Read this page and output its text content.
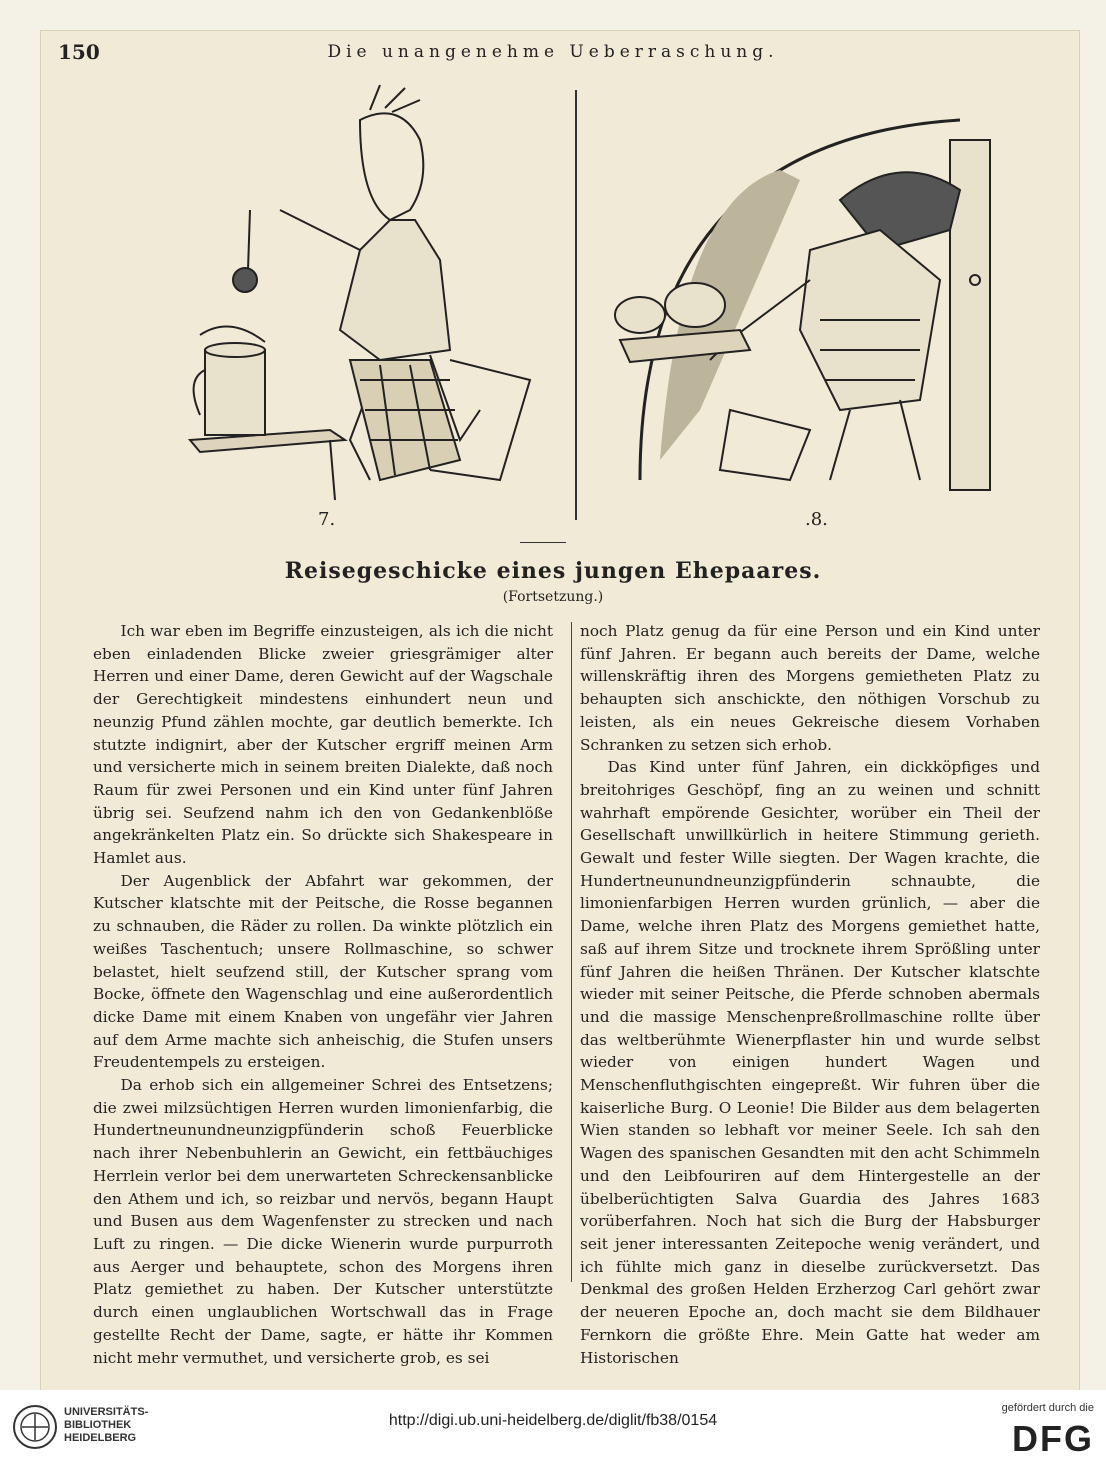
150	Die unangenehme Ueberraschung.
7.	.8.
Reisegeschicke eines jungen Ehepaares.
(Fortsetzung.)

Ich war eben im Begriffe einzusteigen, als ich die nicht eben einladenden Blicke zweier griesgrämiger alter Herren und einer Dame, deren Gewicht auf der Wagschale der Gerechtigkeit mindestens einhundert neun und neunzig Pfund zählen mochte, gar deutlich bemerkte. Ich stutzte indignirt, aber der Kutscher ergriff meinen Arm und versicherte mich in seinem breiten Dialekte, daß noch Raum für zwei Personen und ein Kind unter fünf Jahren übrig sei. Seufzend nahm ich den von Gedankenblöße angekränkelten Platz ein. So drückte sich Shakespeare in Hamlet aus.

Der Augenblick der Abfahrt war gekommen, der Kutscher klatschte mit der Peitsche, die Rosse begannen zu schnauben, die Räder zu rollen. Da winkte plötzlich ein weißes Taschentuch; unsere Rollmaschine, so schwer belastet, hielt seufzend still, der Kutscher sprang vom Bocke, öffnete den Wagenschlag und eine außerordentlich dicke Dame mit einem Knaben von ungefähr vier Jahren auf dem Arme machte sich anheischig, die Stufen unsers Freudentempels zu ersteigen.

Da erhob sich ein allgemeiner Schrei des Entsetzens; die zwei milzsüchtigen Herren wurden limonienfarbig, die Hundertneunundneunzigpfünderin schoß Feuerblicke nach ihrer Nebenbuhlerin an Gewicht, ein fettbäuchiges Herrlein verlor bei dem unerwarteten Schreckensanblicke den Athem und ich, so reizbar und nervös, begann Haupt und Busen aus dem Wagenfenster zu strecken und nach Luft zu ringen. — Die dicke Wienerin wurde purpurroth aus Aerger und behauptete, schon des Morgens ihren Platz gemiethet zu haben. Der Kutscher unterstützte durch einen unglaublichen Wortschwall das in Frage gestellte Recht der Dame, sagte, er hätte ihr Kommen nicht mehr vermuthet, und versicherte grob, es sei

noch Platz genug da für eine Person und ein Kind unter fünf Jahren. Er begann auch bereits der Dame, welche willenskräftig ihren des Morgens gemietheten Platz zu behaupten sich anschickte, den nöthigen Vorschub zu leisten, als ein neues Gekreische diesem Vorhaben Schranken zu setzen sich erhob.

Das Kind unter fünf Jahren, ein dickköpfiges und breitohriges Geschöpf, fing an zu weinen und schnitt wahrhaft empörende Gesichter, worüber ein Theil der Gesellschaft unwillkürlich in heitere Stimmung gerieth. Gewalt und fester Wille siegten. Der Wagen krachte, die Hundertneunundneunzigpfünderin schnaubte, die limonienfarbigen Herren wurden grünlich, — aber die Dame, welche ihren Platz des Morgens gemiethet hatte, saß auf ihrem Sitze und trocknete ihrem Sprößling unter fünf Jahren die heißen Thränen. Der Kutscher klatschte wieder mit seiner Peitsche, die Pferde schnoben abermals und die massige Menschenpreßrollmaschine rollte über das weltberühmte Wienerpflaster hin und wurde selbst wieder von einigen hundert Wagen und Menschenfluthgischten eingepreßt. Wir fuhren über die kaiserliche Burg. O Leonie! Die Bilder aus dem belagerten Wien standen so lebhaft vor meiner Seele. Ich sah den Wagen des spanischen Gesandten mit den acht Schimmeln und den Leibfouriren auf dem Hintergestelle an der übelberüchtigten Salva Guardia des Jahres 1683 vorüberfahren. Noch hat sich die Burg der Habsburger seit jener interessanten Zeitepoche wenig verändert, und ich fühlte mich ganz in dieselbe zurückversetzt. Das Denkmal des großen Helden Erzherzog Carl gehört zwar der neueren Epoche an, doch macht sie dem Bildhauer Fernkorn die größte Ehre. Mein Gatte hat weder am Historischen

UNIVERSITÄTS-
BIBLIOTHEK
HEIDELBERG
http://digi.ub.uni-heidelberg.de/diglit/fb38/0154
gefördert durch die
DFG
